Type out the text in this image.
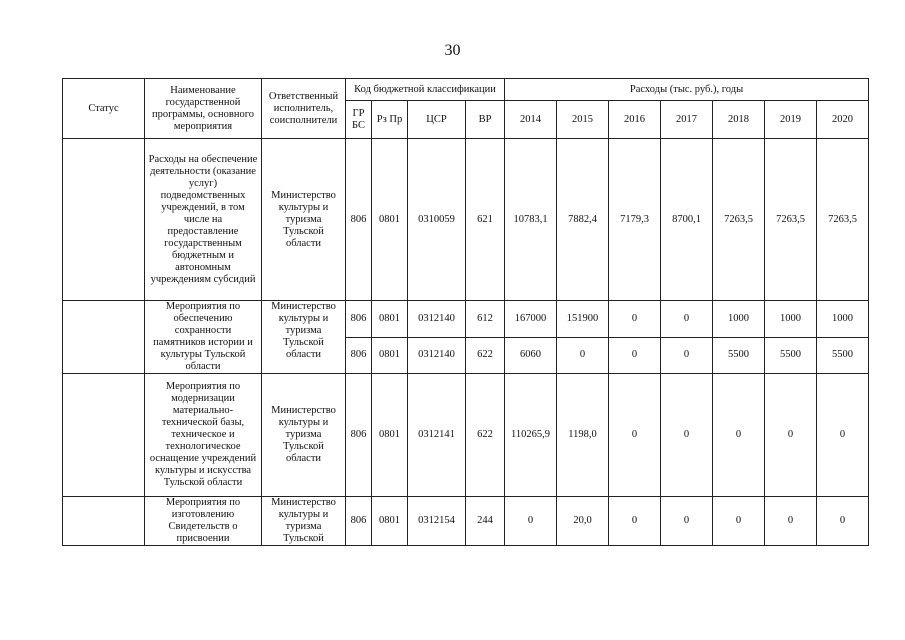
30
Статус	Наименование государственной программы, основного мероприятия	Ответственный исполнитель, соисполнители	Код бюджетной классификации				Расходы (тыс. руб.), годы						
			ГР БС	Рз Пр	ЦСР	ВР	2014	2015	2016	2017	2018	2019	2020
	Расходы на обеспечение деятельности (оказание услуг) подведомственных учреждений, в том числе на предоставление государственным бюджетным и автономным учреждениям субсидий	Министерство культуры и туризма Тульской области	806	0801	0310059	621	10783,1	7882,4	7179,3	8700,1	7263,5	7263,5	7263,5
	Мероприятия по обеспечению сохранности памятников истории и культуры Тульской области	Министерство культуры и туризма Тульской области	806	0801	0312140	612	167000	151900	0	0	1000	1000	1000
			806	0801	0312140	622	6060	0	0	0	5500	5500	5500
	Мероприятия по модернизации материально-технической базы, техническое и технологическое оснащение учреждений культуры и искусства Тульской области	Министерство культуры и туризма Тульской области	806	0801	0312141	622	110265,9	1198,0	0	0	0	0	0
	Мероприятия по изготовлению Свидетельств о присвоении	Министерство культуры и туризма Тульской	806	0801	0312154	244	0	20,0	0	0	0	0	0
